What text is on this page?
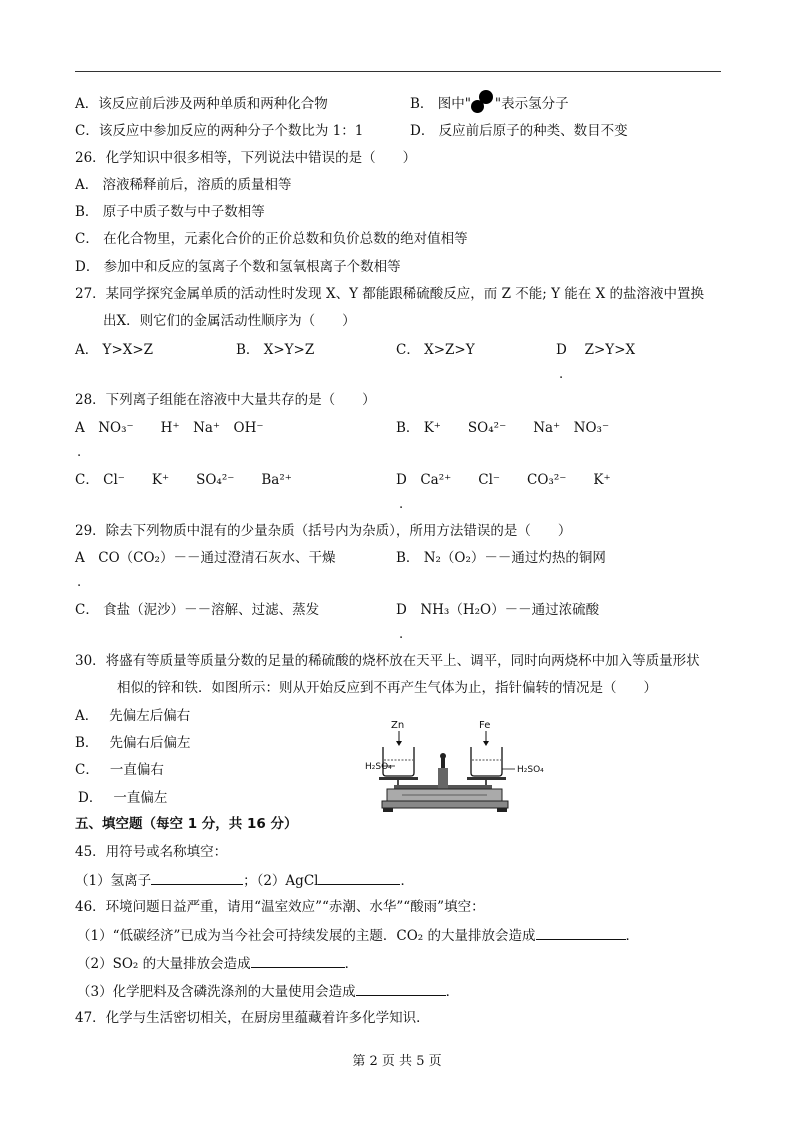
A．该反应前后涉及两种单质和两种化合物	B． 图中" "表示氢分子
C．该反应中参加反应的两种分子个数比为 1：1	D． 反应前后原子的种类、数目不变
26．化学知识中很多相等，下列说法中错误的是（　　）
A． 溶液稀释前后，溶质的质量相等
B． 原子中质子数与中子数相等
C． 在化合物里，元素化合价的正价总数和负价总数的绝对值相等
D． 参加中和反应的氢离子个数和氢氧根离子个数相等
27．某同学探究金属单质的活动性时发现 X、Y 都能跟稀硫酸反应，而 Z 不能; Y 能在 X 的盐溶液中置换
出X．则它们的金属活动性顺序为（　　）
A． Y>X>Z	B． X>Y>Z	C． X>Z>Y	D　 Z>Y>X
.
28．下列离子组能在溶液中大量共存的是（　　）
A　NO₃⁻　　H⁺　Na⁺　OH⁻	B． K⁺　　SO₄²⁻　　Na⁺　NO₃⁻
.
C． Cl⁻　　K⁺　　SO₄²⁻　　Ba²⁺	D　Ca²⁺　　Cl⁻　　CO₃²⁻　　K⁺
.
29．除去下列物质中混有的少量杂质（括号内为杂质），所用方法错误的是（　　）
A　CO（CO₂）－－通过澄清石灰水、干燥	B． N₂（O₂）－－通过灼热的铜网
.
C． 食盐（泥沙）－－溶解、过滤、蒸发	D　NH₃（H₂O）－－通过浓硫酸
.
30．将盛有等质量等质量分数的足量的稀硫酸的烧杯放在天平上、调平，同时向两烧杯中加入等质量形状
相似的锌和铁．如图所示：则从开始反应到不再产生气体为止，指针偏转的情况是（　　）
A．　 先偏左后偏右
B．　 先偏右后偏左
C．　 一直偏右
D．　 一直偏左
Zn	Fe
H₂SO₄	H₂SO₄
五、填空题（每空 1 分，共 16 分）
45．用符号或名称填空：
（1）氢离子	；（2）AgCl	．
46．环境问题日益严重，请用“温室效应”“赤潮、水华”“酸雨”填空：
（1）“低碳经济”已成为当今社会可持续发展的主题．CO₂ 的大量排放会造成	．
（2）SO₂ 的大量排放会造成	．
（3）化学肥料及含磷洗涤剂的大量使用会造成	．
47．化学与生活密切相关，在厨房里蕴藏着许多化学知识．
第 2 页 共 5 页
